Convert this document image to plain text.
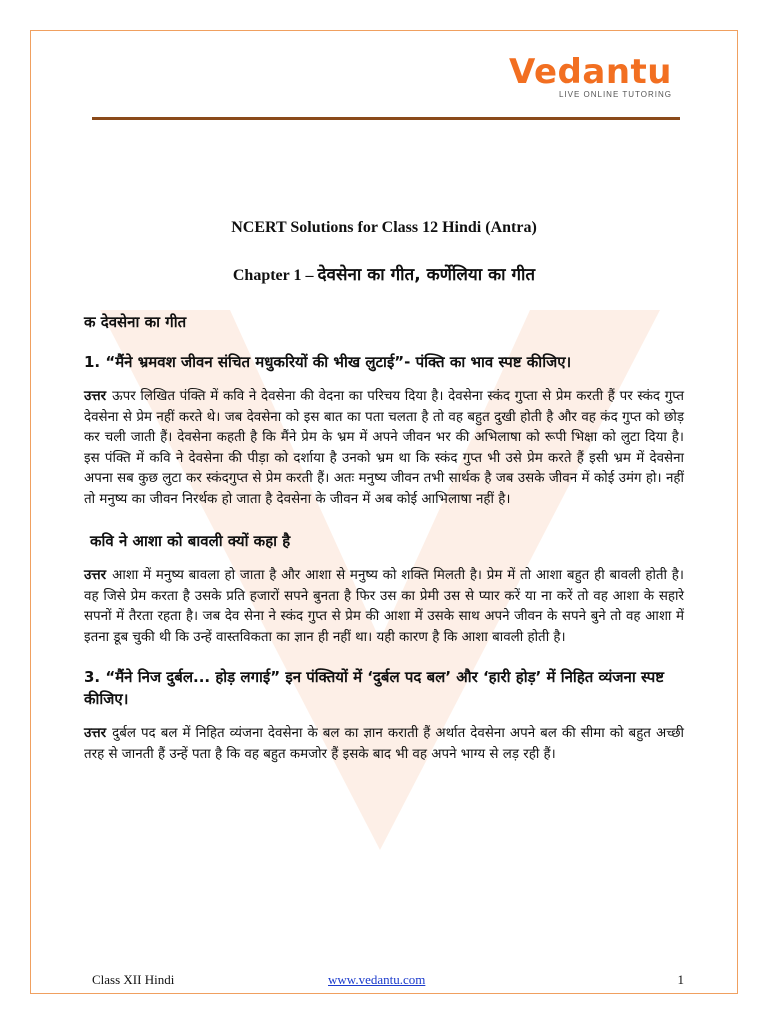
Vedantu
LIVE ONLINE TUTORING

NCERT Solutions for Class 12 Hindi (Antra)

Chapter 1 – देवसेना का गीत, कर्णेलिया का गीत

क देवसेना का गीत

1. “मैंने भ्रमवश जीवन संचित मधुकरियों की भीख लुटाई”- पंक्ति का भाव स्पष्ट कीजिए।

उत्तर ऊपर लिखित पंक्ति में कवि ने देवसेना की वेदना का परिचय दिया है। देवसेना स्कंद गुप्ता से प्रेम करती हैं पर स्कंद गुप्त देवसेना से प्रेम नहीं करते थे। जब देवसेना को इस बात का पता चलता है तो वह बहुत दुखी होती है और वह कंद गुप्त को छोड़ कर चली जाती हैं। देवसेना कहती है कि मैंने प्रेम के भ्रम में अपने जीवन भर की अभिलाषा को रूपी भिक्षा को लुटा दिया है। इस पंक्ति में कवि ने देवसेना की पीड़ा को दर्शाया है उनको भ्रम था कि स्कंद गुप्त भी उसे प्रेम करते हैं इसी भ्रम में देवसेना अपना सब कुछ लुटा कर स्कंदगुप्त से प्रेम करती हैं। अतः मनुष्य जीवन तभी सार्थक है जब उसके जीवन में कोई उमंग हो। नहीं तो मनुष्य का जीवन निरर्थक हो जाता है देवसेना के जीवन में अब कोई आभिलाषा नहीं है।

कवि ने आशा को बावली क्यों कहा है

उत्तर आशा में मनुष्य बावला हो जाता है और आशा से मनुष्य को शक्ति मिलती है। प्रेम में तो आशा बहुत ही बावली होती है। वह जिसे प्रेम करता है उसके प्रति हजारों सपने बुनता है फिर उस का प्रेमी उस से प्यार करें या ना करें तो वह आशा के सहारे सपनों में तैरता रहता है। जब देव सेना ने स्कंद गुप्त से प्रेम की आशा में उसके साथ अपने जीवन के सपने बुने तो वह आशा में इतना डूब चुकी थी कि उन्हें वास्तविकता का ज्ञान ही नहीं था। यही कारण है कि आशा बावली होती है।

3. “मैंने निज दुर्बल... होड़ लगाई” इन पंक्तियों में ‘दुर्बल पद बल’ और ‘हारी होड़’ में निहित व्यंजना स्पष्ट कीजिए।

उत्तर दुर्बल पद बल में निहित व्यंजना देवसेना के बल का ज्ञान कराती हैं अर्थात देवसेना अपने बल की सीमा को बहुत अच्छी तरह से जानती हैं उन्हें पता है कि वह बहुत कमजोर हैं इसके बाद भी वह अपने भाग्य से लड़ रही हैं।

Class XII Hindi	www.vedantu.com	1
